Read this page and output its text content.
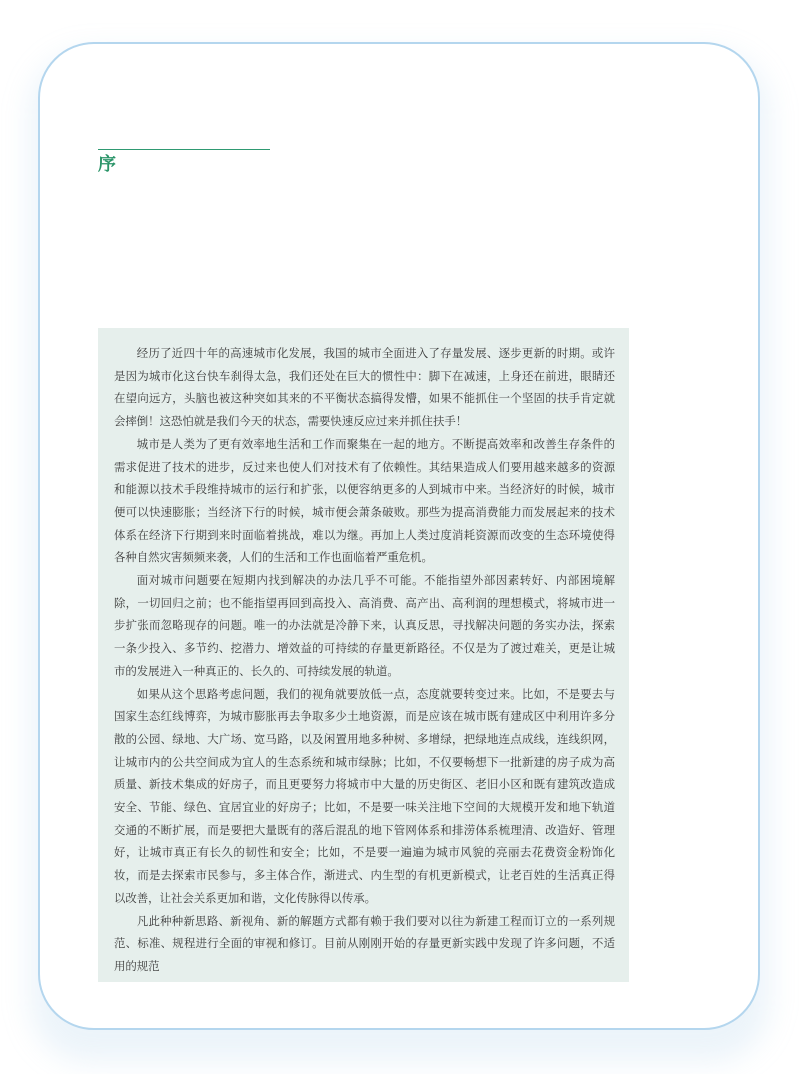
序

经历了近四十年的高速城市化发展，我国的城市全面进入了存量发展、逐步更新的时期。或许是因为城市化这台快车刹得太急，我们还处在巨大的惯性中：脚下在减速，上身还在前进，眼睛还在望向远方，头脑也被这种突如其来的不平衡状态搞得发懵，如果不能抓住一个坚固的扶手肯定就会摔倒！这恐怕就是我们今天的状态，需要快速反应过来并抓住扶手！

城市是人类为了更有效率地生活和工作而聚集在一起的地方。不断提高效率和改善生存条件的需求促进了技术的进步，反过来也使人们对技术有了依赖性。其结果造成人们要用越来越多的资源和能源以技术手段维持城市的运行和扩张，以便容纳更多的人到城市中来。当经济好的时候，城市便可以快速膨胀；当经济下行的时候，城市便会萧条破败。那些为提高消费能力而发展起来的技术体系在经济下行期到来时面临着挑战，难以为继。再加上人类过度消耗资源而改变的生态环境使得各种自然灾害频频来袭，人们的生活和工作也面临着严重危机。

面对城市问题要在短期内找到解决的办法几乎不可能。不能指望外部因素转好、内部困境解除，一切回归之前；也不能指望再回到高投入、高消费、高产出、高利润的理想模式，将城市进一步扩张而忽略现存的问题。唯一的办法就是冷静下来，认真反思，寻找解决问题的务实办法，探索一条少投入、多节约、挖潜力、增效益的可持续的存量更新路径。不仅是为了渡过难关，更是让城市的发展进入一种真正的、长久的、可持续发展的轨道。

如果从这个思路考虑问题，我们的视角就要放低一点，态度就要转变过来。比如，不是要去与国家生态红线博弈，为城市膨胀再去争取多少土地资源，而是应该在城市既有建成区中利用许多分散的公园、绿地、大广场、宽马路，以及闲置用地多种树、多增绿，把绿地连点成线，连线织网，让城市内的公共空间成为宜人的生态系统和城市绿脉；比如，不仅要畅想下一批新建的房子成为高质量、新技术集成的好房子，而且更要努力将城市中大量的历史街区、老旧小区和既有建筑改造成安全、节能、绿色、宜居宜业的好房子；比如，不是要一味关注地下空间的大规模开发和地下轨道交通的不断扩展，而是要把大量既有的落后混乱的地下管网体系和排涝体系梳理清、改造好、管理好，让城市真正有长久的韧性和安全；比如，不是要一遍遍为城市风貌的亮丽去花费资金粉饰化妆，而是去探索市民参与，多主体合作，渐进式、内生型的有机更新模式，让老百姓的生活真正得以改善，让社会关系更加和谐，文化传脉得以传承。

凡此种种新思路、新视角、新的解题方式都有赖于我们要对以往为新建工程而订立的一系列规范、标准、规程进行全面的审视和修订。目前从刚刚开始的存量更新实践中发现了许多问题，不适用的规范
